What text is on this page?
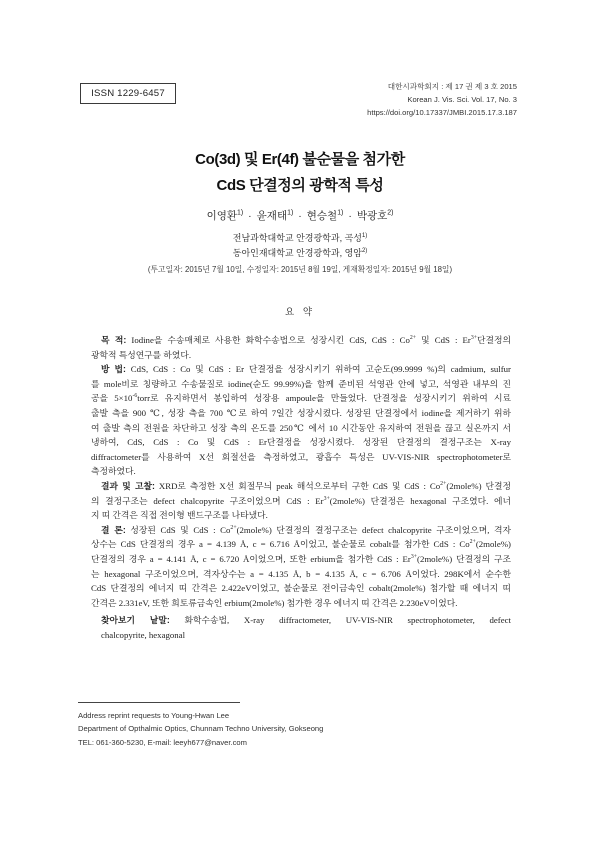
ISSN 1229-6457
대한시과학회지 : 제 17 권 제 3 호 2015
Korean J. Vis. Sci. Vol. 17, No. 3
https://doi.org/10.17337/JMBI.2015.17.3.187
Co(3d) 및 Er(4f) 불순물을 첨가한
CdS 단결정의 광학적 특성
이영환$^{1)}$ · 윤재태$^{1)}$ · 현승철$^{1)}$ · 박광호$^{2)}$
전남과학대학교 안경광학과, 곡성$^{1)}$
동아인재대학교 안경광학과, 영암$^{2)}$
(투고일자: 2015년 7월 10일, 수정일자: 2015년 8월 19일, 게재확정일자: 2015년 9월 18일)
요 약
목 적: Iodine을 수송매체로 사용한 화학수송법으로 성장시킨 CdS, CdS : $Co^{2+}$ 및 CdS : $Er^{3+}$단결정의
광학적 특성연구를 하였다.
방 법: CdS, CdS : Co 및 CdS : Er 단결정을 성장시키기 위하여 고순도(99.9999 %)의 cadmium, sulfur
를 mole비로 칭량하고 수송물질로 iodine(순도 99.99%)을 함께 준비된 석영관 안에 넣고, 석영관 내부의 진
공을 $5\times 10^{-6}torr$로 유지하면서 봉입하여 성장용 ampoule을 만들었다. 단결정을 성장시키기 위하여 시료
출발 측을 900 ℃, 성장 측을 700 ℃로 하여 7일간 성장시켰다. 성장된 단결정에서 iodine을 제거하기 위하
여 출발 측의 전원을 차단하고 성장 측의 온도를 250℃ 에서 10 시간동안 유지하여 전원을 끊고 실온까지 서
냉하여, CdS, CdS : Co 및 CdS : Er단결정을 성장시켰다. 성장된 단결정의 결정구조는 X-ray
diffractometer를 사용하여 X선 회절선을 측정하였고, 광흡수 특성은 UV-VIS-NIR spectrophotometer로
측정하였다.
결과 및 고찰: XRD로 측정한 X선 회절무늬 peak 해석으로부터 구한 CdS 및 CdS : $Co^{2+}(2mole\%)$ 단결정
의 결정구조는 defect chalcopyrite 구조이었으며 CdS : $Er^{3+}(2mole\%)$ 단결정은 hexagonal 구조였다. 에너
지 띠 간격은 직접 전이형 밴드구조를 나타냈다.
결 론: 성장된 CdS 및 CdS : $Co^{2+}(2mole\%)$ 단결정의 결정구조는 defect chalcopyrite 구조이었으며, 격자
상수는 CdS 단결정의 경우 a = 4.139 Å, c = 6.716 Å이었고, 불순물로 cobalt를 첨가한 CdS : $Co^{2+}(2mole\%)$
단결정의 경우 a = 4.141 Å, c = 6.720 Å이었으며, 또한 erbium을 첨가한 CdS : $Er^{3+}(2mole\%)$ 단결정의 구조
는 hexagonal 구조이었으며, 격자상수는 a = 4.135 Å, b = 4.135 Å, c = 6.706 Å이었다. 298K에서 순수한
CdS 단결정의 에너지 띠 간격은 2.422eV이었고, 불순물로 전이금속인 cobalt(2mole%) 첨가할 때 에너지 띠
간격은 2.331eV, 또한 희토류금속인 erbium(2mole%) 첨가한 경우 에너지 띠 간격은 2.230eV이었다.
찾아보기 낱말: 화학수송법, X-ray diffractometer, UV-VIS-NIR spectrophotometer, defect
chalcopyrite, hexagonal
Address reprint requests to Young-Hwan Lee
Department of Opthalmic Optics, Chunnam Techno University, Gokseong
TEL: 061-360-5230, E-mail: leeyh677@naver.com
